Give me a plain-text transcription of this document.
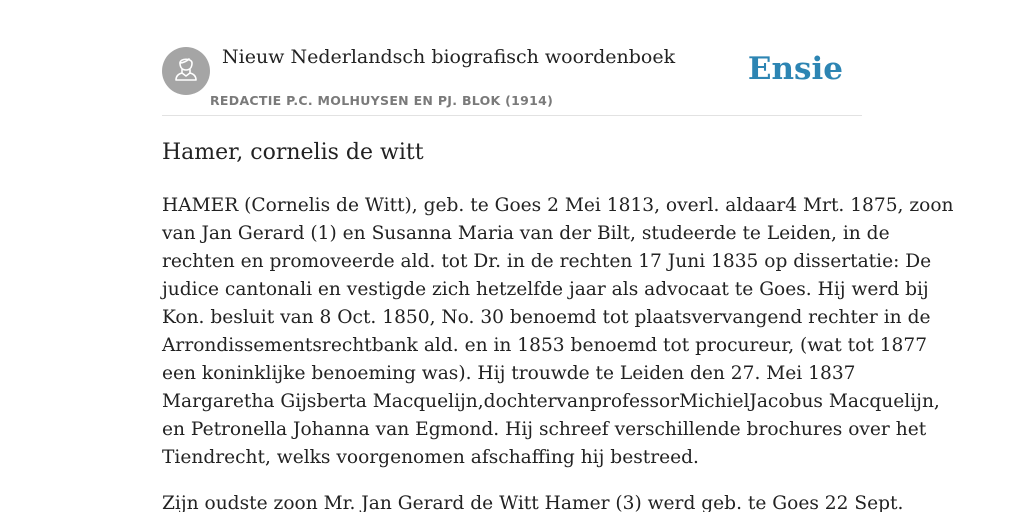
Nieuw Nederlandsch biografisch woordenboek
REDACTIE P.C. MOLHUYSEN EN PJ. BLOK (1914)
Ensie
Hamer, cornelis de witt

HAMER (Cornelis de Witt), geb. te Goes 2 Mei 1813, overl. aldaar4 Mrt. 1875, zoon
van Jan Gerard (1) en Susanna Maria van der Bilt, studeerde te Leiden, in de
rechten en promoveerde ald. tot Dr. in de rechten 17 Juni 1835 op dissertatie: De
judice cantonali en vestigde zich hetzelfde jaar als advocaat te Goes. Hij werd bij
Kon. besluit van 8 Oct. 1850, No. 30 benoemd tot plaatsvervangend rechter in de
Arrondissementsrechtbank ald. en in 1853 benoemd tot procureur, (wat tot 1877
een koninklijke benoeming was). Hij trouwde te Leiden den 27. Mei 1837
Margaretha Gijsberta Macquelijn,dochtervanprofessorMichielJacobus Macquelijn,
en Petronella Johanna van Egmond. Hij schreef verschillende brochures over het
Tiendrecht, welks voorgenomen afschaffing hij bestreed.

Zijn oudste zoon Mr. Jan Gerard de Witt Hamer (3) werd geb. te Goes 22 Sept.
